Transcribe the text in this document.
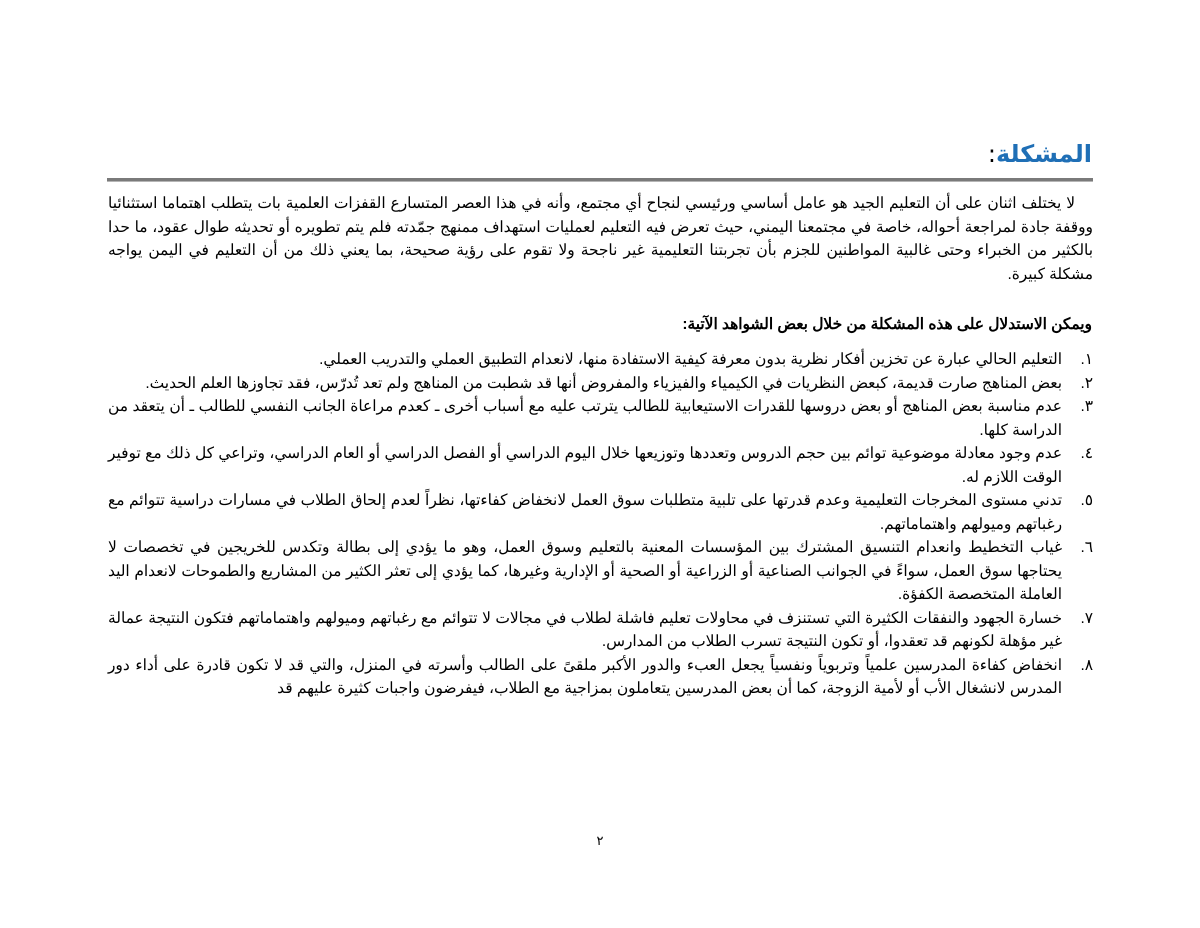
المشكلة:

لا يختلف اثنان على أن التعليم الجيد هو عامل أساسي ورئيسي لنجاح أي مجتمع، وأنه في هذا العصر المتسارع القفزات العلمية بات يتطلب اهتماما استثنائيا ووقفة جادة لمراجعة أحواله، خاصة في مجتمعنا اليمني، حيث تعرض فيه التعليم لعمليات استهداف ممنهج جمّدته فلم يتم تطويره أو تحديثه طوال عقود، ما حدا بالكثير من الخبراء وحتى غالبية المواطنين للجزم بأن تجربتنا التعليمية غير ناجحة ولا تقوم على رؤية صحيحة، بما يعني ذلك من أن التعليم في اليمن يواجه مشكلة كبيرة.

ويمكن الاستدلال على هذه المشكلة من خلال بعض الشواهد الآتية:
١.
التعليم الحالي عبارة عن تخزين أفكار نظرية بدون معرفة كيفية الاستفادة منها، لانعدام التطبيق العملي والتدريب العملي.
٢.
بعض المناهج صارت قديمة، كبعض النظريات في الكيمياء والفيزياء والمفروض أنها قد شطبت من المناهج ولم تعد تُدرّس، فقد تجاوزها العلم الحديث.
٣.
عدم مناسبة بعض المناهج أو بعض دروسها للقدرات الاستيعابية للطالب يترتب عليه مع أسباب أخرى ـ كعدم مراعاة الجانب النفسي للطالب ـ أن يتعقد من الدراسة كلها.
٤.
عدم وجود معادلة موضوعية توائم بين حجم الدروس وتعددها وتوزيعها خلال اليوم الدراسي أو الفصل الدراسي أو العام الدراسي، وتراعي كل ذلك مع توفير الوقت اللازم له.
٥.
تدني مستوى المخرجات التعليمية وعدم قدرتها على تلبية متطلبات سوق العمل لانخفاض كفاءتها، نظراً لعدم إلحاق الطلاب في مسارات دراسية تتوائم مع رغباتهم وميولهم واهتماماتهم.
٦.
غياب التخطيط وانعدام التنسيق المشترك بين المؤسسات المعنية بالتعليم وسوق العمل، وهو ما يؤدي إلى بطالة وتكدس للخريجين في تخصصات لا يحتاجها سوق العمل، سواءً في الجوانب الصناعية أو الزراعية أو الصحية أو الإدارية وغيرها، كما يؤدي إلى تعثر الكثير من المشاريع والطموحات لانعدام اليد العاملة المتخصصة الكفؤة.
٧.
خسارة الجهود والنفقات الكثيرة التي تستنزف في محاولات تعليم فاشلة لطلاب في مجالات لا تتوائم مع رغباتهم وميولهم واهتماماتهم فتكون النتيجة عمالة غير مؤهلة لكونهم قد تعقدوا، أو تكون النتيجة تسرب الطلاب من المدارس.
٨.
انخفاض كفاءة المدرسين علمياً وتربوياً ونفسياً يجعل العبء والدور الأكبر ملقىً على الطالب وأسرته في المنزل، والتي قد لا تكون قادرة على أداء دور المدرس لانشغال الأب أو لأمية الزوجة، كما أن بعض المدرسين يتعاملون بمزاجية مع الطلاب، فيفرضون واجبات كثيرة عليهم قد
٢
